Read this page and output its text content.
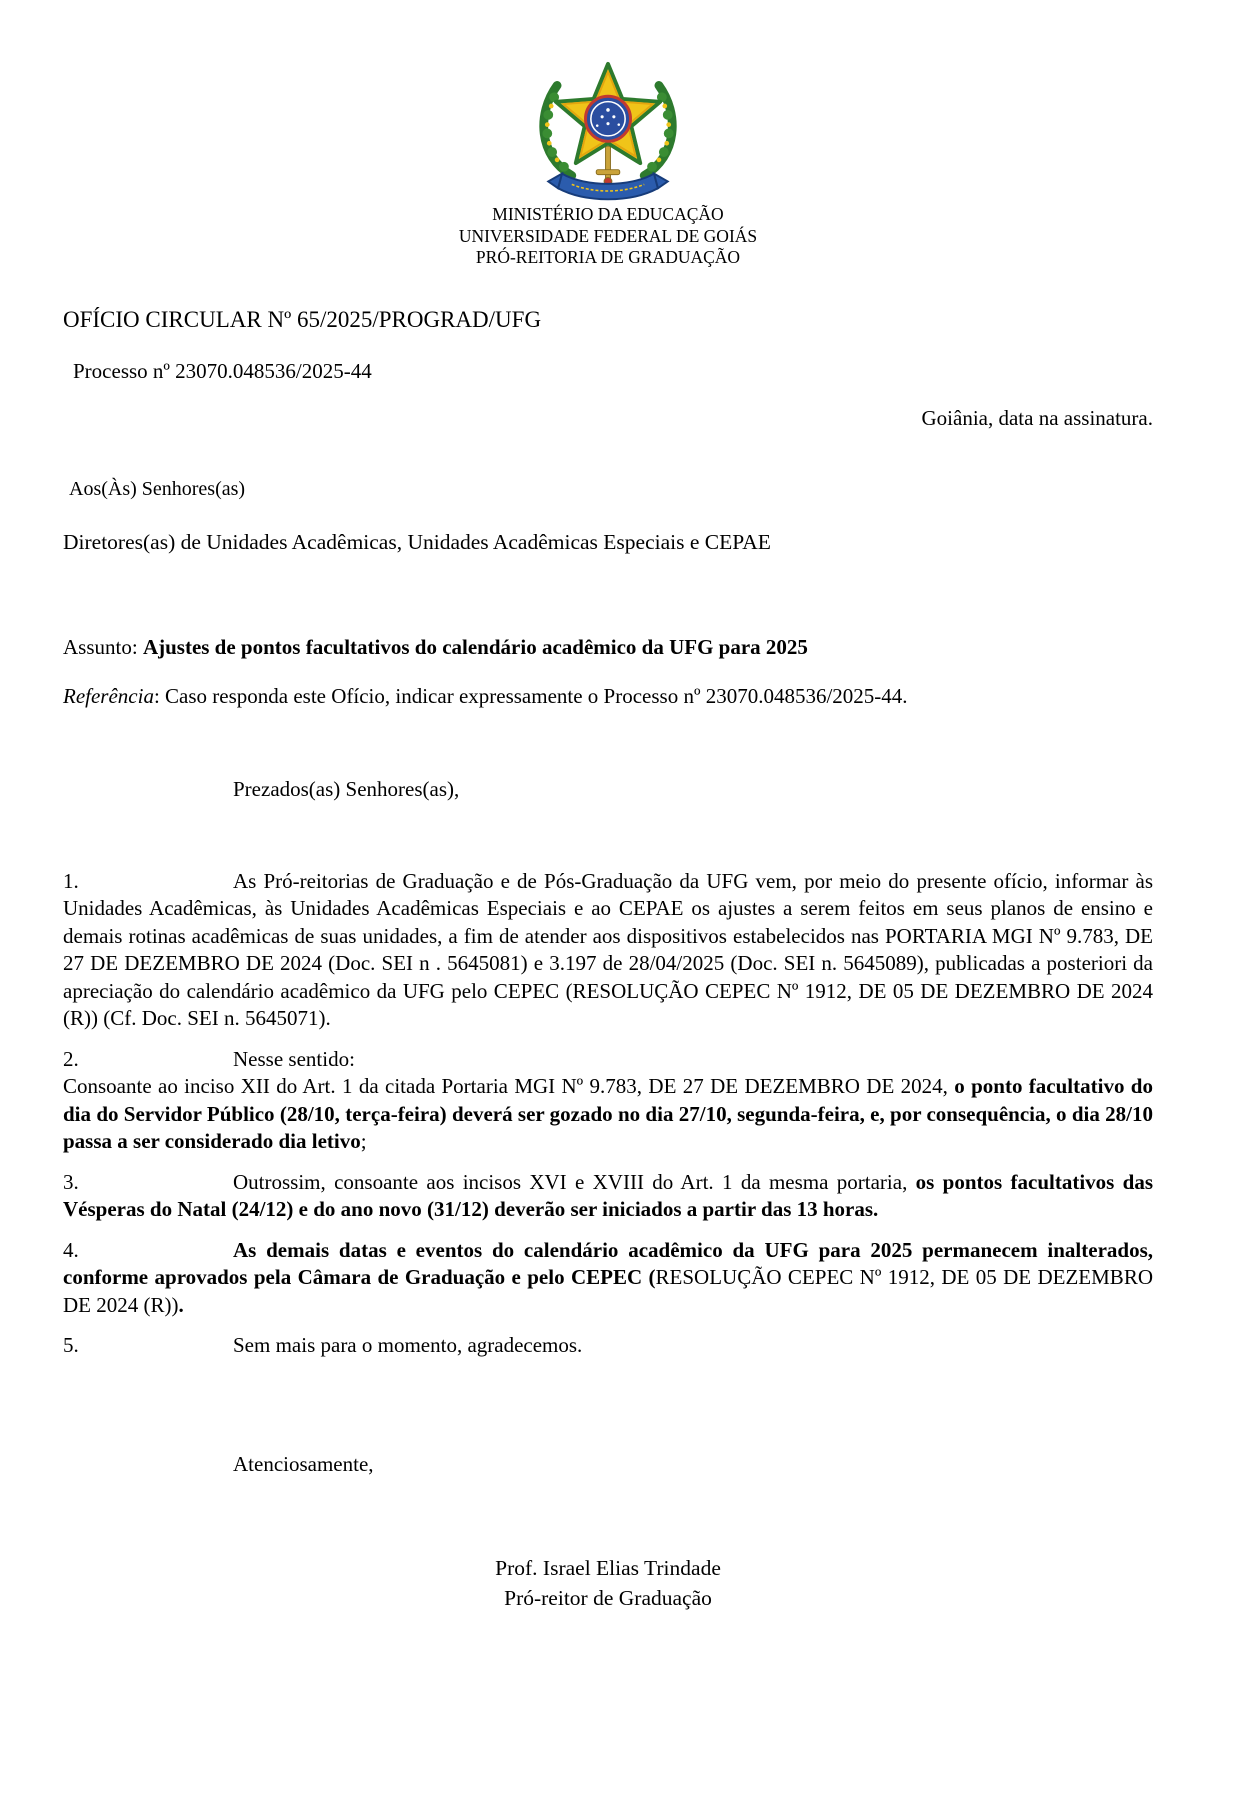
MINISTÉRIO DA EDUCAÇÃO
UNIVERSIDADE FEDERAL DE GOIÁS
PRÓ-REITORIA DE GRADUAÇÃO
OFÍCIO CIRCULAR Nº 65/2025/PROGRAD/UFG
Processo nº 23070.048536/2025-44
Goiânia, data na assinatura.
Aos(Às) Senhores(as)
Diretores(as) de Unidades Acadêmicas, Unidades Acadêmicas Especiais e CEPAE
Assunto: Ajustes de pontos facultativos do calendário acadêmico da UFG para 2025
Referência: Caso responda este Ofício, indicar expressamente o Processo nº 23070.048536/2025-44.
Prezados(as) Senhores(as),

1.	As Pró-reitorias de Graduação e de Pós-Graduação da UFG vem, por meio do presente ofício, informar às Unidades Acadêmicas, às Unidades Acadêmicas Especiais e ao CEPAE os ajustes a serem feitos em seus planos de ensino e demais rotinas acadêmicas de suas unidades, a fim de atender aos dispositivos estabelecidos nas PORTARIA MGI Nº 9.783, DE 27 DE DEZEMBRO DE 2024 (Doc. SEI n . 5645081) e 3.197 de 28/04/2025 (Doc. SEI n. 5645089), publicadas a posteriori da apreciação do calendário acadêmico da UFG pelo CEPEC (RESOLUÇÃO CEPEC Nº 1912, DE 05 DE DEZEMBRO DE 2024 (R)) (Cf. Doc. SEI n. 5645071).

2.	Nesse sentido:
Consoante ao inciso XII do Art. 1 da citada Portaria MGI Nº 9.783, DE 27 DE DEZEMBRO DE 2024, o ponto facultativo do dia do Servidor Público (28/10, terça-feira) deverá ser gozado no dia 27/10, segunda-feira, e, por consequência, o dia 28/10 passa a ser considerado dia letivo;

3.	Outrossim, consoante aos incisos XVI e XVIII do Art. 1 da mesma portaria, os pontos facultativos das Vésperas do Natal (24/12) e do ano novo (31/12) deverão ser iniciados a partir das 13 horas.

4.	As demais datas e eventos do calendário acadêmico da UFG para 2025 permanecem inalterados, conforme aprovados pela Câmara de Graduação e pelo CEPEC (RESOLUÇÃO CEPEC Nº 1912, DE 05 DE DEZEMBRO DE 2024 (R)).

5.	Sem mais para o momento, agradecemos.

Atenciosamente,
Prof. Israel Elias Trindade
Pró-reitor de Graduação
